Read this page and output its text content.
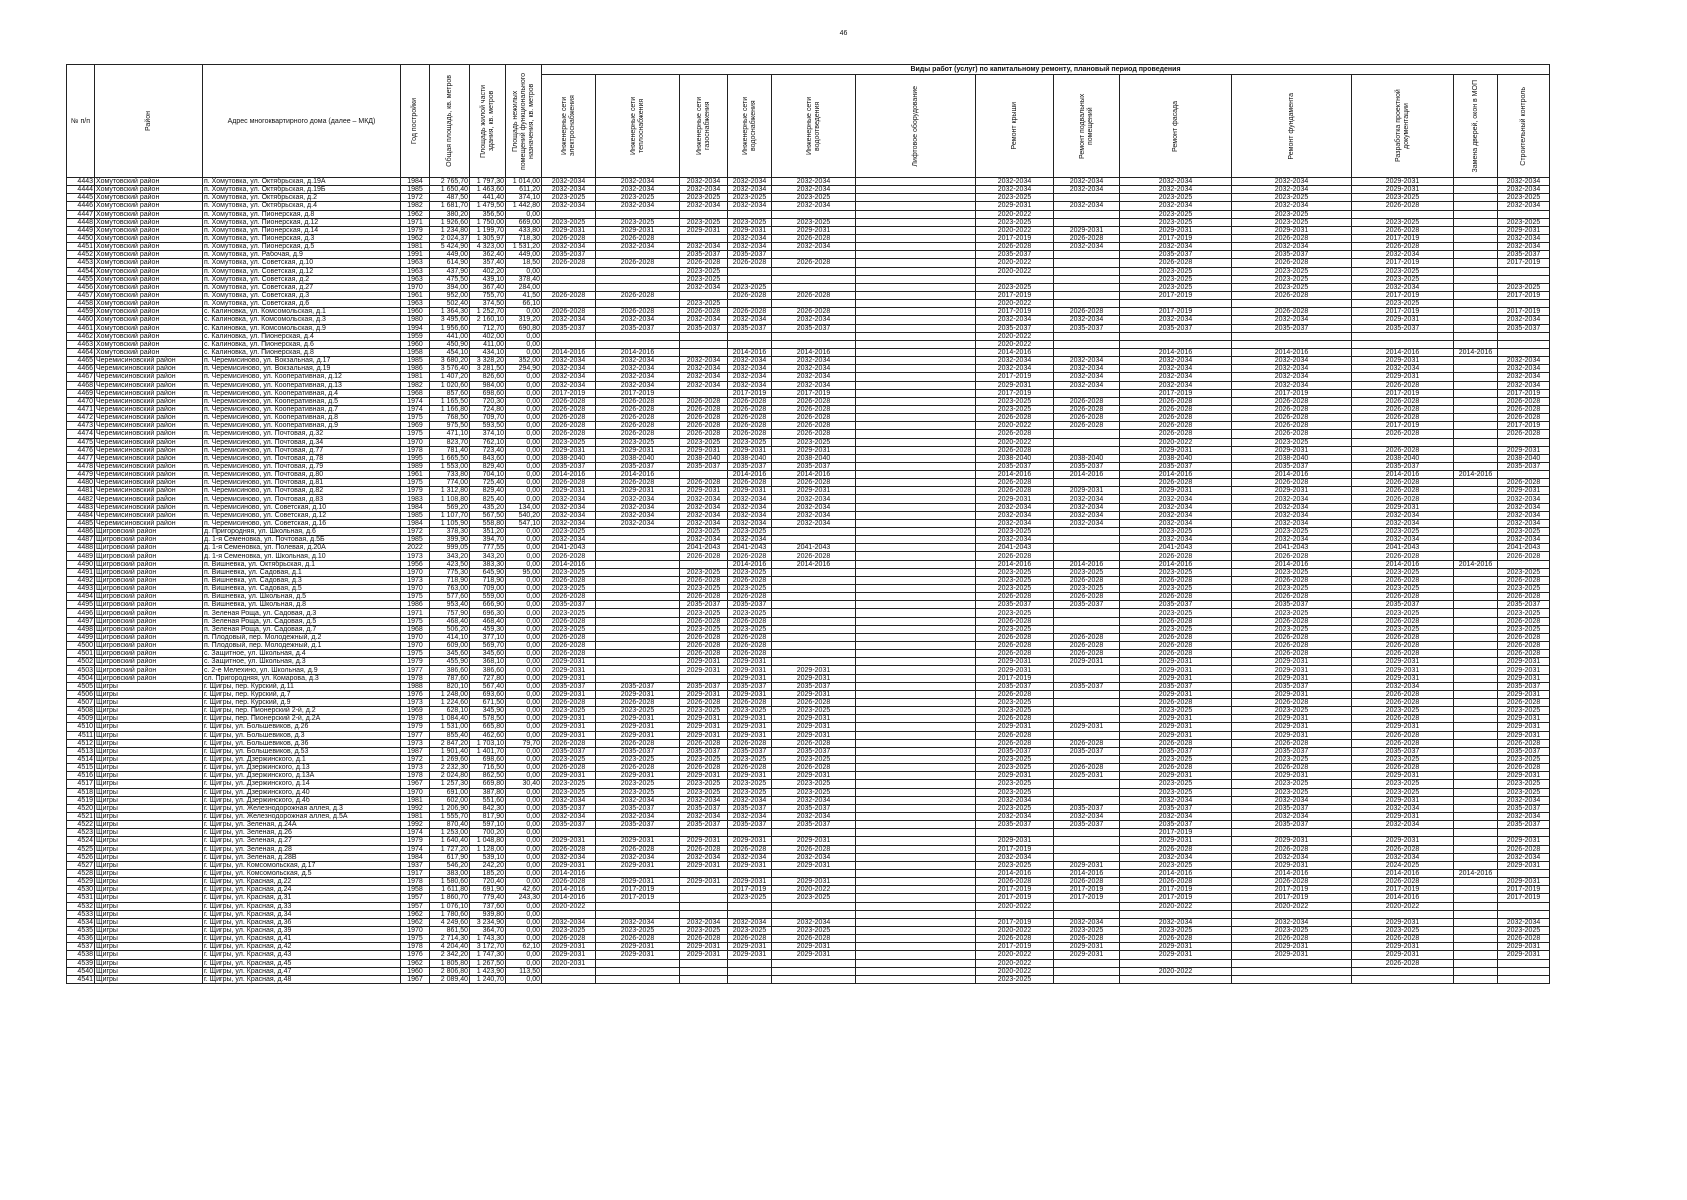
46
№ п/п	Район	Адрес многоквартирного дома (далее – МКД)	Год постройки	Общая площадь, кв. метров	Площадь жилой части здания, кв. метров	Площадь нежилых помещений функционального назначения, кв. метров	Виды работ (услуг) по капитальному ремонту, плановый период проведения												

							Инженерные сети электроснабжения	Инженерные сети теплоснабжения	Инженерные сети газоснабжения	Инженерные сети водоснабжения	Инженерные сети водоотведения	Лифтовое оборудование	Ремонт крыши	Ремонт подвальных помещений	Ремонт фасада	Ремонт фундамента	Разработка проектной документации	Замена дверей, окон в МОП	Строительный контроль

4443	Хомутовский район	п. Хомутовка, ул. Октябрьская, д.19А	1984	2 765,70	1 797,30	1 014,00	2032-2034	2032-2034	2032-2034	2032-2034	2032-2034		2032-2034	2032-2034	2032-2034	2032-2034	2029-2031		2032-2034
4444	Хомутовский район	п. Хомутовка, ул. Октябрьская, д.19Б	1985	1 650,40	1 463,60	611,20	2032-2034	2032-2034	2032-2034	2032-2034	2032-2034		2032-2034	2032-2034	2032-2034	2032-2034	2029-2031		2032-2034
4445	Хомутовский район	п. Хомутовка, ул. Октябрьская, д.2	1972	487,50	441,40	374,10	2023-2025	2023-2025	2023-2025	2023-2025	2023-2025		2023-2025		2023-2025	2023-2025	2023-2025		2023-2025
4446	Хомутовский район	п. Хомутовка, ул. Октябрьская, д.4	1982	1 681,70	1 479,50	1 442,80	2032-2034	2032-2034	2032-2034	2032-2034	2032-2034		2029-2031	2032-2034	2032-2034	2032-2034	2026-2028		2032-2034
4447	Хомутовский район	п. Хомутовка, ул. Пионерская, д.8	1962	380,20	356,50	0,00							2020-2022		2023-2025	2023-2025			
4448	Хомутовский район	п. Хомутовка, ул. Пионерская, д.12	1971	1 926,60	1 750,00	669,00	2023-2025	2023-2025	2023-2025	2023-2025	2023-2025		2023-2025		2023-2025	2023-2025	2023-2025		2023-2025
4449	Хомутовский район	п. Хомутовка, ул. Пионерская, д.14	1979	1 234,80	1 199,70	433,80	2029-2031	2029-2031	2029-2031	2029-2031	2029-2031		2020-2022	2029-2031	2029-2031	2029-2031	2026-2028		2029-2031
4450	Хомутовский район	п. Хомутовка, ул. Пионерская, д.3	1962	2 024,37	1 305,97	718,30	2026-2028	2026-2028		2032-2034	2026-2028		2017-2019	2026-2028	2017-2019	2026-2028	2017-2019		2032-2034
4451	Хомутовский район	п. Хомутовка, ул. Пионерская, д.5	1981	5 424,90	4 323,00	1 531,20	2032-2034	2032-2034	2032-2034	2032-2034	2032-2034		2026-2028	2032-2034	2032-2034	2032-2034	2026-2028		2032-2034
4452	Хомутовский район	п. Хомутовка, ул. Рабочая, д.9	1991	449,00	362,40	449,00	2035-2037		2035-2037	2035-2037			2035-2037		2035-2037	2035-2037	2032-2034		2035-2037
4453	Хомутовский район	п. Хомутовка, ул. Советская, д.10	1963	614,90	357,40	18,50	2026-2028	2026-2028	2026-2028	2026-2028	2026-2028		2020-2022		2026-2028	2026-2028	2017-2019		2017-2019
4454	Хомутовский район	п. Хомутовка, ул. Советская, д.12	1963	437,90	402,20	0,00			2023-2025				2020-2022		2023-2025	2023-2025	2023-2025		
4455	Хомутовский район	п. Хомутовка, ул. Советская, д.2	1963	475,50	439,10	378,40			2023-2025						2023-2025	2023-2025	2023-2025		
4456	Хомутовский район	п. Хомутовка, ул. Советская, д.27	1970	394,00	367,40	284,00			2032-2034	2023-2025			2023-2025		2023-2025	2023-2025	2032-2034		2023-2025
4457	Хомутовский район	п. Хомутовка, ул. Советская, д.3	1961	952,00	755,70	41,50	2026-2028	2026-2028		2026-2028	2026-2028		2017-2019		2017-2019	2026-2028	2017-2019		2017-2019
4458	Хомутовский район	п. Хомутовка, ул. Советская, д.6	1963	502,40	374,50	66,10			2023-2025				2020-2022				2023-2025		
4459	Хомутовский район	с. Калиновка, ул. Комсомольская, д.1	1960	1 364,30	1 252,70	0,00	2026-2028	2026-2028	2026-2028	2026-2028	2026-2028		2017-2019	2026-2028	2017-2019	2026-2028	2017-2019		2017-2019
4460	Хомутовский район	с. Калиновка, ул. Комсомольская, д.3	1980	3 495,60	2 160,10	319,20	2032-2034	2032-2034	2032-2034	2032-2034	2032-2034		2032-2034	2032-2034	2032-2034	2032-2034	2029-2031		2032-2034
4461	Хомутовский район	с. Калиновка, ул. Комсомольская, д.9	1994	1 956,60	712,70	690,80	2035-2037	2035-2037	2035-2037	2035-2037	2035-2037		2035-2037	2035-2037	2035-2037	2035-2037	2035-2037		2035-2037
4462	Хомутовский район	с. Калиновка, ул. Пионерская, д.4	1959	441,00	402,00	0,00							2020-2022						
4463	Хомутовский район	с. Калиновка, ул. Пионерская, д.6	1960	450,90	411,00	0,00							2020-2022						
4464	Хомутовский район	с. Калиновка, ул. Пионерская, д.8	1958	454,10	434,10	0,00	2014-2016	2014-2016		2014-2016	2014-2016		2014-2016		2014-2016	2014-2016	2014-2016	2014-2016	
4465	Черемисиновский район	п. Черемисиново, ул. Вокзальная, д.17	1985	3 680,20	3 328,20	352,00	2032-2034	2032-2034	2032-2034	2032-2034	2032-2034		2032-2034	2032-2034	2032-2034	2032-2034	2029-2031		2032-2034
4466	Черемисиновский район	п. Черемисиново, ул. Вокзальная, д.19	1986	3 576,40	3 281,50	294,90	2032-2034	2032-2034	2032-2034	2032-2034	2032-2034		2032-2034	2032-2034	2032-2034	2032-2034	2032-2034		2032-2034
4467	Черемисиновский район	п. Черемисиново, ул. Кооперативная, д.12	1981	1 407,20	826,60	0,00	2032-2034	2032-2034	2032-2034	2032-2034	2032-2034		2017-2019	2032-2034	2032-2034	2032-2034	2029-2031		2032-2034
4468	Черемисиновский район	п. Черемисиново, ул. Кооперативная, д.13	1982	1 020,60	984,00	0,00	2032-2034	2032-2034	2032-2034	2032-2034	2032-2034		2029-2031	2032-2034	2032-2034	2032-2034	2026-2028		2032-2034
4469	Черемисиновский район	п. Черемисиново, ул. Кооперативная, д.4	1968	857,60	698,60	0,00	2017-2019	2017-2019		2017-2019	2017-2019		2017-2019		2017-2019	2017-2019	2017-2019		2017-2019
4470	Черемисиновский район	п. Черемисиново, ул. Кооперативная, д.5	1974	1 165,50	720,30	0,00	2026-2028	2026-2028	2026-2028	2026-2028	2026-2028		2023-2025	2026-2028	2026-2028	2026-2028	2026-2028		2026-2028
4471	Черемисиновский район	п. Черемисиново, ул. Кооперативная, д.7	1974	1 166,80	724,80	0,00	2026-2028	2026-2028	2026-2028	2026-2028	2026-2028		2023-2025	2026-2028	2026-2028	2026-2028	2026-2028		2026-2028
4472	Черемисиновский район	п. Черемисиново, ул. Кооперативная, д.8	1975	768,50	709,70	0,00	2026-2028	2026-2028	2026-2028	2026-2028	2026-2028		2026-2028	2026-2028	2026-2028	2026-2028	2026-2028		2026-2028
4473	Черемисиновский район	п. Черемисиново, ул. Кооперативная, д.9	1969	975,50	593,50	0,00	2026-2028	2026-2028	2026-2028	2026-2028	2026-2028		2020-2022	2026-2028	2026-2028	2026-2028	2017-2019		2017-2019
4474	Черемисиновский район	п. Черемисиново, ул. Почтовая, д.32	1975	471,10	374,10	0,00	2026-2028	2026-2028	2026-2028	2026-2028	2026-2028		2026-2028		2026-2028	2026-2028	2026-2028		2026-2028
4475	Черемисиновский район	п. Черемисиново, ул. Почтовая, д.34	1970	823,70	762,10	0,00	2023-2025	2023-2025	2023-2025	2023-2025	2023-2025		2020-2022		2020-2022	2023-2025			
4476	Черемисиновский район	п. Черемисиново, ул. Почтовая, д.77	1978	781,40	723,40	0,00	2029-2031	2029-2031	2029-2031	2029-2031	2029-2031		2026-2028		2029-2031	2029-2031	2026-2028		2029-2031
4477	Черемисиновский район	п. Черемисиново, ул. Почтовая, д.78	1995	1 665,50	843,60	0,00	2038-2040	2038-2040	2038-2040	2038-2040	2038-2040		2038-2040	2038-2040	2038-2040	2038-2040	2038-2040		2038-2040
4478	Черемисиновский район	п. Черемисиново, ул. Почтовая, д.79	1989	1 553,00	829,40	0,00	2035-2037	2035-2037	2035-2037	2035-2037	2035-2037		2035-2037	2035-2037	2035-2037	2035-2037	2035-2037		2035-2037
4479	Черемисиновский район	п. Черемисиново, ул. Почтовая, д.80	1961	733,80	704,10	0,00	2014-2016	2014-2016		2014-2016	2014-2016		2014-2016	2014-2016	2014-2016	2014-2016	2014-2016	2014-2016	
4480	Черемисиновский район	п. Черемисиново, ул. Почтовая, д.81	1975	774,00	725,40	0,00	2026-2028	2026-2028	2026-2028	2026-2028	2026-2028		2026-2028		2026-2028	2026-2028	2026-2028		2026-2028
4481	Черемисиновский район	п. Черемисиново, ул. Почтовая, д.82	1979	1 312,80	829,40	0,00	2029-2031	2029-2031	2029-2031	2029-2031	2029-2031		2026-2028	2029-2031	2029-2031	2029-2031	2026-2028		2029-2031
4482	Черемисиновский район	п. Черемисиново, ул. Почтовая, д.83	1983	1 108,80	825,40	0,00	2032-2034	2032-2034	2032-2034	2032-2034	2032-2034		2029-2031	2032-2034	2032-2034	2032-2034	2026-2028		2032-2034
4483	Черемисиновский район	п. Черемисиново, ул. Советская, д.10	1984	569,20	435,20	134,00	2032-2034	2032-2034	2032-2034	2032-2034	2032-2034		2032-2034	2032-2034	2032-2034	2032-2034	2029-2031		2032-2034
4484	Черемисиновский район	п. Черемисиново, ул. Советская, д.12	1985	1 107,70	567,50	540,20	2032-2034	2032-2034	2032-2034	2032-2034	2032-2034		2032-2034	2032-2034	2032-2034	2032-2034	2032-2034		2032-2034
4485	Черемисиновский район	п. Черемисиново, ул. Советская, д.16	1984	1 105,90	558,80	547,10	2032-2034	2032-2034	2032-2034	2032-2034	2032-2034		2032-2034	2032-2034	2032-2034	2032-2034	2032-2034		2032-2034
4486	Щигровский район	д. Пригородняя, ул. Школьная, д.6	1972	378,30	351,20	0,00	2023-2025		2023-2025	2023-2025			2023-2025		2023-2025	2023-2025	2023-2025		2023-2025
4487	Щигровский район	д. 1-я Семеновка, ул. Почтовая, д.5Б	1985	399,90	394,70	0,00	2032-2034		2032-2034	2032-2034			2032-2034		2032-2034	2032-2034	2032-2034		2032-2034
4488	Щигровский район	д. 1-я Семеновка, ул. Полевая, д.20А	2022	999,05	777,55	0,00	2041-2043		2041-2043	2041-2043	2041-2043		2041-2043		2041-2043	2041-2043	2041-2043		2041-2043
4489	Щигровский район	д. 1-я Семеновка, ул. Школьная, д.10	1973	343,20	343,20	0,00	2026-2028		2026-2028	2026-2028	2026-2028		2026-2028		2026-2028	2026-2028	2026-2028		2026-2028
4490	Щигровский район	п. Вишневка, ул. Октябрьская, д.1	1956	423,50	383,30	0,00	2014-2016			2014-2016	2014-2016		2014-2016	2014-2016	2014-2016	2014-2016	2014-2016	2014-2016	
4491	Щигровский район	п. Вишневка, ул. Садовая, д.1	1970	775,30	645,90	95,00	2023-2025		2023-2025	2023-2025			2023-2025	2023-2025	2023-2025	2023-2025	2023-2025		2023-2025
4492	Щигровский район	п. Вишневка, ул. Садовая, д.3	1973	718,90	718,90	0,00	2026-2028		2026-2028	2026-2028			2023-2025	2026-2028	2026-2028	2026-2028	2026-2028		2026-2028
4493	Щигровский район	п. Вишневка, ул. Садовая, д.5	1970	763,00	709,00	0,00	2023-2025		2023-2025	2023-2025			2023-2025	2023-2025	2023-2025	2023-2025	2023-2025		2023-2025
4494	Щигровский район	п. Вишневка, ул. Школьная, д.5	1975	577,60	559,00	0,00	2026-2028		2026-2028	2026-2028			2026-2028	2026-2028	2026-2028	2026-2028	2026-2028		2026-2028
4495	Щигровский район	п. Вишневка, ул. Школьная, д.8	1986	953,40	666,90	0,00	2035-2037		2035-2037	2035-2037			2035-2037	2035-2037	2035-2037	2035-2037	2035-2037		2035-2037
4496	Щигровский район	п. Зеленая Роща, ул. Садовая, д.3	1971	757,90	696,30	0,00	2023-2025		2023-2025	2023-2025			2023-2025		2023-2025	2023-2025	2023-2025		2023-2025
4497	Щигровский район	п. Зеленая Роща, ул. Садовая, д.5	1975	468,40	468,40	0,00	2026-2028		2026-2028	2026-2028			2026-2028		2026-2028	2026-2028	2026-2028		2026-2028
4498	Щигровский район	п. Зеленая Роща, ул. Садовая, д.7	1968	506,20	459,30	0,00	2023-2025		2023-2025	2023-2025			2023-2025		2023-2025	2023-2025	2023-2025		2023-2025
4499	Щигровский район	п. Плодовый, пер. Молодежный, д.2	1970	414,10	377,10	0,00	2026-2028		2026-2028	2026-2028			2026-2028	2026-2028	2026-2028	2026-2028	2026-2028		2026-2028
4500	Щигровский район	п. Плодовый, пер. Молодежный, д.1	1970	609,00	569,70	0,00	2026-2028		2026-2028	2026-2028			2026-2028	2026-2028	2026-2028	2026-2028	2026-2028		2026-2028
4501	Щигровский район	с. Защитное, ул. Школьная, д.4	1975	345,60	345,60	0,00	2026-2028		2026-2028	2026-2028			2026-2028	2026-2028	2026-2028	2026-2028	2026-2028		2026-2028
4502	Щигровский район	с. Защитное, ул. Школьная, д.3	1979	455,90	368,10	0,00	2029-2031		2029-2031	2029-2031			2029-2031	2029-2031	2029-2031	2029-2031	2029-2031		2029-2031
4503	Щигровский район	с. 2-е Мелехино, ул. Школьная, д.9	1977	386,60	386,60	0,00	2029-2031		2029-2031	2029-2031	2029-2031		2029-2031		2029-2031	2029-2031	2029-2031		2029-2031
4504	Щигровский район	сл. Пригородняя, ул. Комарова, д.3	1978	787,60	727,80	0,00	2029-2031			2029-2031	2029-2031		2017-2019		2029-2031	2029-2031	2029-2031		2029-2031
4505	Щигры	г. Щигры, пер. Курский, д.11	1988	820,10	567,40	0,00	2035-2037	2035-2037	2035-2037	2035-2037	2035-2037		2035-2037	2035-2037	2035-2037	2035-2037	2032-2034		2035-2037
4506	Щигры	г. Щигры, пер. Курский, д.7	1976	1 248,00	693,60	0,00	2029-2031	2029-2031	2029-2031	2029-2031	2029-2031		2026-2028		2029-2031	2029-2031	2026-2028		2029-2031
4507	Щигры	г. Щигры, пер. Курский, д.9	1973	1 224,60	671,50	0,00	2026-2028	2026-2028	2026-2028	2026-2028	2026-2028		2023-2025		2026-2028	2026-2028	2026-2028		2026-2028
4508	Щигры	г. Щигры, пер. Пионерский 2-й, д.2	1969	628,10	345,90	0,00	2023-2025	2023-2025	2023-2025	2023-2025	2023-2025		2023-2025		2023-2025	2023-2025	2023-2025		2023-2025
4509	Щигры	г. Щигры, пер. Пионерский 2-й, д.2А	1978	1 084,40	578,50	0,00	2029-2031	2029-2031	2029-2031	2029-2031	2029-2031		2026-2028		2029-2031	2029-2031	2026-2028		2029-2031
4510	Щигры	г. Щигры, ул. Большевиков, д.26	1979	1 531,00	665,80	0,00	2029-2031	2029-2031	2029-2031	2029-2031	2029-2031		2029-2031	2029-2031	2029-2031	2029-2031	2029-2031		2029-2031
4511	Щигры	г. Щигры, ул. Большевиков, д.3	1977	855,40	462,60	0,00	2029-2031	2029-2031	2029-2031	2029-2031	2029-2031		2026-2028		2029-2031	2029-2031	2026-2028		2029-2031
4512	Щигры	г. Щигры, ул. Большевиков, д.36	1973	2 847,20	1 703,10	79,70	2026-2028	2026-2028	2026-2028	2026-2028	2026-2028		2026-2028	2026-2028	2026-2028	2026-2028	2026-2028		2026-2028
4513	Щигры	г. Щигры, ул. Большевиков, д.53	1987	1 901,40	1 401,70	0,00	2035-2037	2035-2037	2035-2037	2035-2037	2035-2037		2035-2037	2035-2037	2035-2037	2035-2037	2035-2037		2035-2037
4514	Щигры	г. Щигры, ул. Дзержинского, д.1	1972	1 269,60	698,60	0,00	2023-2025	2023-2025	2023-2025	2023-2025	2023-2025		2023-2025		2023-2025	2023-2025	2023-2025		2023-2025
4515	Щигры	г. Щигры, ул. Дзержинского, д.13	1973	2 232,30	716,50	0,00	2026-2028	2026-2028	2026-2028	2026-2028	2026-2028		2023-2025	2026-2028	2026-2028	2026-2028	2026-2028		2026-2028
4516	Щигры	г. Щигры, ул. Дзержинского, д.13А	1978	2 024,80	862,50	0,00	2029-2031	2029-2031	2029-2031	2029-2031	2029-2031		2029-2031	2025-2031	2029-2031	2029-2031	2029-2031		2029-2031
4517	Щигры	г. Щигры, ул. Дзержинского, д.14	1967	1 257,30	669,80	30,40	2023-2025	2023-2025	2023-2025	2023-2025	2023-2025		2023-2025		2023-2025	2023-2025	2023-2025		2023-2025
4518	Щигры	г. Щигры, ул. Дзержинского, д.40	1970	691,00	387,80	0,00	2023-2025	2023-2025	2023-2025	2023-2025	2023-2025		2023-2025		2023-2025	2023-2025	2023-2025		2023-2025
4519	Щигры	г. Щигры, ул. Дзержинского, д.4б	1981	602,00	551,60	0,00	2032-2034	2032-2034	2032-2034	2032-2034	2032-2034		2032-2034		2032-2034	2032-2034	2029-2031		2032-2034
4520	Щигры	г. Щигры, ул. Железнодорожная аллея, д.3	1992	1 206,90	842,30	0,00	2035-2037	2035-2037	2035-2037	2035-2037	2035-2037		2023-2025	2035-2037	2035-2037	2035-2037	2032-2034		2035-2037
4521	Щигры	г. Щигры, ул. Железнодорожная аллея, д.5А	1981	1 555,70	817,90	0,00	2032-2034	2032-2034	2032-2034	2032-2034	2032-2034		2032-2034	2032-2034	2032-2034	2032-2034	2029-2031		2032-2034
4522	Щигры	г. Щигры, ул. Зеленая, д.24А	1992	870,40	597,10	0,00	2035-2037	2035-2037	2035-2037	2035-2037	2035-2037		2035-2037	2035-2037	2035-2037	2035-2037	2032-2034		2035-2037
4523	Щигры	г. Щигры, ул. Зеленая, д.26	1974	1 253,00	700,20	0,00									2017-2019				
4524	Щигры	г. Щигры, ул. Зеленая, д.27	1979	1 640,40	1 048,80	0,00	2029-2031	2029-2031	2029-2031	2029-2031	2029-2031		2029-2031		2029-2031	2029-2031	2029-2031		2029-2031
4525	Щигры	г. Щигры, ул. Зеленая, д.28	1974	1 727,20	1 128,00	0,00	2026-2028	2026-2028	2026-2028	2026-2028	2026-2028		2017-2019		2026-2028	2026-2028	2026-2028		2026-2028
4526	Щигры	г. Щигры, ул. Зеленая, д.28В	1984	617,90	539,10	0,00	2032-2034	2032-2034	2032-2034	2032-2034	2032-2034		2032-2034		2032-2034	2032-2034	2032-2034		2032-2034
4527	Щигры	г. Щигры, ул. Комсомольская, д.17	1937	546,20	242,20	0,00	2029-2031	2029-2031	2029-2031	2029-2031	2029-2031		2023-2025	2029-2031	2023-2025	2029-2031	2024-2025		2029-2031
4528	Щигры	г. Щигры, ул. Комсомольская, д.5	1917	383,00	185,20	0,00	2014-2016						2014-2016	2014-2016	2014-2016	2014-2016	2014-2016	2014-2016	
4529	Щигры	г. Щигры, ул. Красная, д.22	1978	1 580,60	720,40	0,00	2026-2028	2029-2031	2029-2031	2029-2031	2029-2031		2026-2028	2026-2028	2026-2028	2026-2028	2026-2028		2029-2031
4530	Щигры	г. Щигры, ул. Красная, д.24	1958	1 611,80	691,90	42,60	2014-2016	2017-2019		2017-2019	2020-2022		2017-2019	2017-2019	2017-2019	2017-2019	2017-2019		2017-2019
4531	Щигры	г. Щигры, ул. Красная, д.31	1957	1 860,70	779,40	243,30	2014-2016	2017-2019		2023-2025	2023-2025		2017-2019	2017-2019	2017-2019	2017-2019	2014-2016		2017-2019
4532	Щигры	г. Щигры, ул. Красная, д.33	1957	1 076,10	737,60	0,00	2020-2022						2020-2022		2020-2022	2020-2022	2020-2022		
4533	Щигры	г. Щигры, ул. Красная, д.34	1962	1 780,60	939,80	0,00													
4534	Щигры	г. Щигры, ул. Красная, д.36	1962	4 249,60	3 234,90	0,00	2032-2034	2032-2034	2032-2034	2032-2034	2032-2034		2017-2019	2032-2034	2032-2034	2032-2034	2029-2031		2032-2034
4535	Щигры	г. Щигры, ул. Красная, д.39	1970	861,50	364,70	0,00	2023-2025	2023-2025	2023-2025	2023-2025	2023-2025		2020-2022	2023-2025	2023-2025	2023-2025	2023-2025		2023-2025
4536	Щигры	г. Щигры, ул. Красная, д.41	1975	2 714,30	1 743,30	0,00	2026-2028	2026-2028	2026-2028	2026-2028	2026-2028		2026-2028	2026-2028	2026-2028	2026-2028	2026-2028		2026-2028
4537	Щигры	г. Щигры, ул. Красная, д.42	1978	4 204,40	3 172,70	62,10	2029-2031	2029-2031	2029-2031	2029-2031	2029-2031		2017-2019	2029-2031	2029-2031	2029-2031	2029-2031		2029-2031
4538	Щигры	г. Щигры, ул. Красная, д.43	1976	2 342,20	1 747,30	0,00	2029-2031	2029-2031	2029-2031	2029-2031	2029-2031		2020-2022	2029-2031	2029-2031	2029-2031	2029-2031		2029-2031
4539	Щигры	г. Щигры, ул. Красная, д.45	1962	1 805,80	1 267,50	0,00	2020-2031						2020-2022				2026-2028		
4540	Щигры	г. Щигры, ул. Красная, д.47	1960	2 806,80	1 423,90	113,50							2020-2022		2020-2022				
4541	Щигры	г. Щигры, ул. Красная, д.48	1967	2 089,40	1 240,70	0,00							2023-2025						
